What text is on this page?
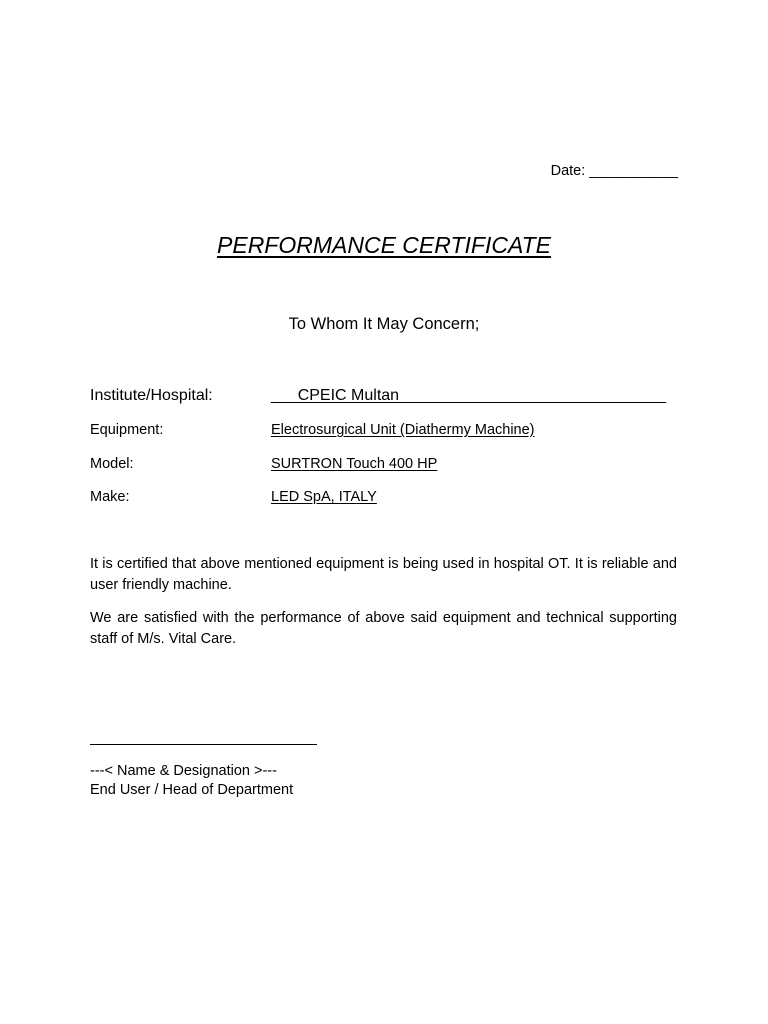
Date: ___________
PERFORMANCE CERTIFICATE
To Whom It May Concern;
Institute/Hospital:	___CPEIC Multan______________________________
Equipment:	Electrosurgical Unit (Diathermy Machine)
Model:	SURTRON Touch 400 HP
Make:	LED SpA, ITALY
It is certified that above mentioned equipment is being used in hospital OT. It is reliable and user friendly machine.
We are satisfied with the performance of above said equipment and technical supporting staff of M/s. Vital Care.
---< Name & Designation >---
End User / Head of Department
